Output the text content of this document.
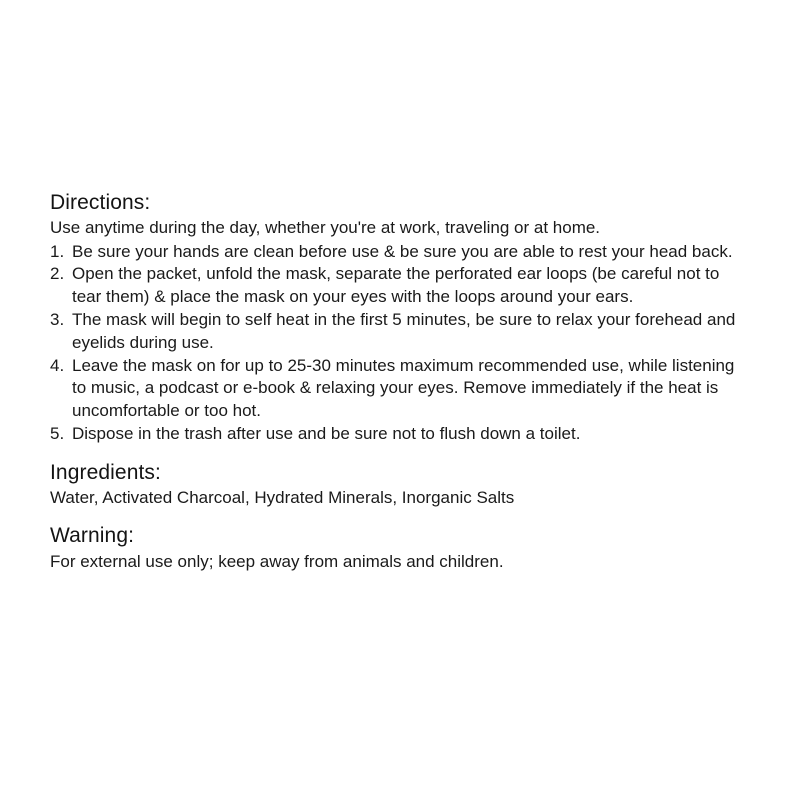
Directions:

Use anytime during the day, whether you're at work, traveling or at home.

1. Be sure your hands are clean before use & be sure you are able to rest your head back.
2. Open the packet, unfold the mask, separate the perforated ear loops (be careful not to tear them) & place the mask on your eyes with the loops around your ears.
3. The mask will begin to self heat in the first 5 minutes, be sure to relax your forehead and eyelids during use.
4. Leave the mask on for up to 25-30 minutes maximum recommended use, while listening to music, a podcast or e-book & relaxing your eyes. Remove immediately if the heat is uncomfortable or too hot.
5. Dispose in the trash after use and be sure not to flush down a toilet.
Ingredients:

Water, Activated Charcoal, Hydrated Minerals, Inorganic Salts

Warning:

For external use only; keep away from animals and children.
